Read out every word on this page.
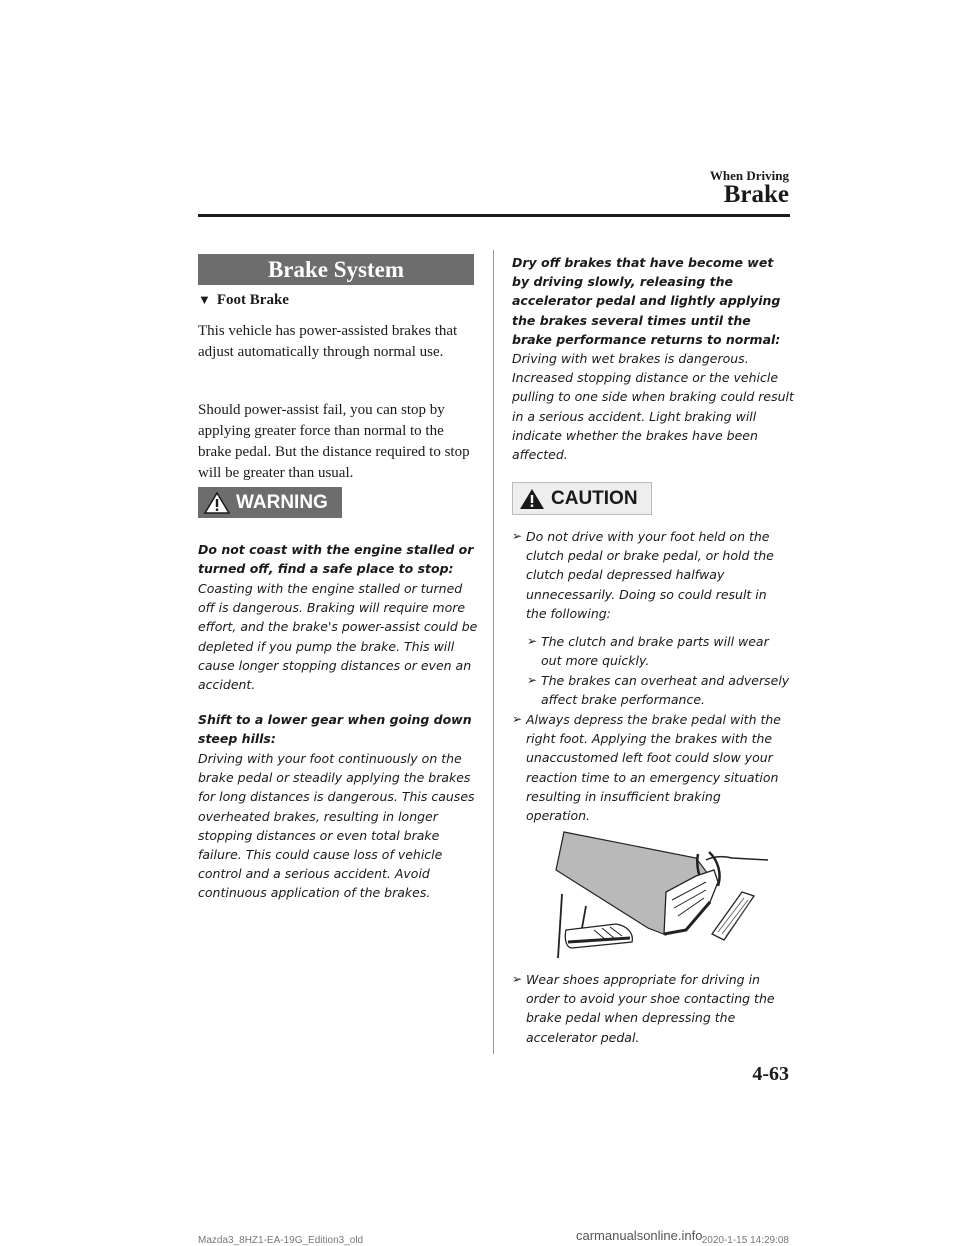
When Driving
Brake
Brake System
▼ Foot Brake
This vehicle has power-assisted brakes that adjust automatically through normal use.
Should power-assist fail, you can stop by applying greater force than normal to the brake pedal. But the distance required to stop will be greater than usual.
WARNING
Do not coast with the engine stalled or turned off, find a safe place to stop:
Coasting with the engine stalled or turned off is dangerous. Braking will require more effort, and the brake's power-assist could be depleted if you pump the brake. This will cause longer stopping distances or even an accident.
Shift to a lower gear when going down steep hills:
Driving with your foot continuously on the brake pedal or steadily applying the brakes for long distances is dangerous. This causes overheated brakes, resulting in longer stopping distances or even total brake failure. This could cause loss of vehicle control and a serious accident. Avoid continuous application of the brakes.
Dry off brakes that have become wet by driving slowly, releasing the accelerator pedal and lightly applying the brakes several times until the brake performance returns to normal:
Driving with wet brakes is dangerous. Increased stopping distance or the vehicle pulling to one side when braking could result in a serious accident. Light braking will indicate whether the brakes have been affected.
CAUTION
➢ Do not drive with your foot held on the clutch pedal or brake pedal, or hold the clutch pedal depressed halfway unnecessarily. Doing so could result in the following:
➢ The clutch and brake parts will wear out more quickly.
➢ The brakes can overheat and adversely affect brake performance.
➢ Always depress the brake pedal with the right foot. Applying the brakes with the unaccustomed left foot could slow your reaction time to an emergency situation resulting in insufficient braking operation.
➢ Wear shoes appropriate for driving in order to avoid your shoe contacting the brake pedal when depressing the accelerator pedal.
4-63
Mazda3_8HZ1-EA-19G_Edition3_old	2020-1-15 14:29:08
carmanualsonline.info
